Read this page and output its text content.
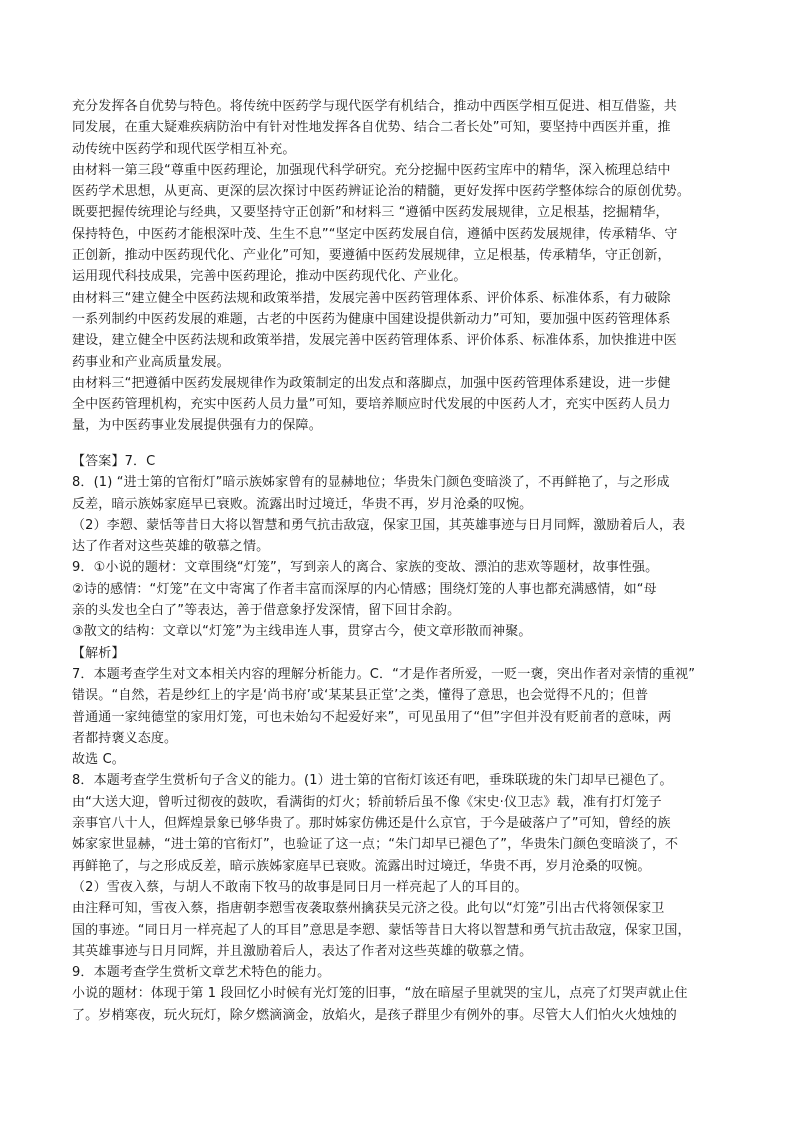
充分发挥各自优势与特色。将传统中医药学与现代医学有机结合，推动中西医学相互促进、相互借鉴，共
同发展，在重大疑难疾病防治中有针对性地发挥各自优势、结合二者长处”可知，要坚持中西医并重，推
动传统中医药学和现代医学相互补充。
由材料一第三段“尊重中医药理论，加强现代科学研究。充分挖掘中医药宝库中的精华，深入梳理总结中
医药学术思想，从更高、更深的层次探讨中医药辨证论治的精髓，更好发挥中医药学整体综合的原创优势。
既要把握传统理论与经典，又要坚持守正创新”和材料三 “遵循中医药发展规律，立足根基，挖掘精华，
保持特色，中医药才能根深叶茂、生生不息”“坚定中医药发展自信，遵循中医药发展规律，传承精华、守
正创新，推动中医药现代化、产业化”可知，要遵循中医药发展规律，立足根基，传承精华，守正创新，
运用现代科技成果，完善中医药理论，推动中医药现代化、产业化。
由材料三“建立健全中医药法规和政策举措，发展完善中医药管理体系、评价体系、标准体系，有力破除
一系列制约中医药发展的难题，古老的中医药为健康中国建设提供新动力”可知，要加强中医药管理体系
建设，建立健全中医药法规和政策举措，发展完善中医药管理体系、评价体系、标准体系，加快推进中医
药事业和产业高质量发展。
由材料三“把遵循中医药发展规律作为政策制定的出发点和落脚点，加强中医药管理体系建设，进一步健
全中医药管理机构，充实中医药人员力量”可知，要培养顺应时代发展的中医药人才，充实中医药人员力
量，为中医药事业发展提供强有力的保障。
【答案】7．C
8．(1) “进士第的官衔灯”暗示族姊家曾有的显赫地位；华贵朱门颜色变暗淡了，不再鲜艳了，与之形成
反差，暗示族姊家庭早已衰败。流露出时过境迁，华贵不再，岁月沧桑的叹惋。
（2）李愬、蒙恬等昔日大将以智慧和勇气抗击敌寇，保家卫国，其英雄事迹与日月同辉，激励着后人，表
达了作者对这些英雄的敬慕之情。
9．①小说的题材：文章围绕“灯笼”，写到亲人的离合、家族的变故、漂泊的悲欢等题材，故事性强。
②诗的感情：“灯笼”在文中寄寓了作者丰富而深厚的内心情感；围绕灯笼的人事也都充满感情，如“母
亲的头发也全白了”等表达，善于借意象抒发深情，留下回甘余韵。
③散文的结构：文章以“灯笼”为主线串连人事，贯穿古今，使文章形散而神聚。
【解析】
7．本题考查学生对文本相关内容的理解分析能力。C．“才是作者所爱，一贬一褒，突出作者对亲情的重视”
错误。“自然，若是纱红上的字是‘尚书府’或‘某某县正堂’之类，懂得了意思，也会觉得不凡的；但普
普通通一家纯德堂的家用灯笼，可也未始勾不起爱好来”，可见虽用了“但”字但并没有贬前者的意味，两
者都持褒义态度。
故选 C。
8．本题考查学生赏析句子含义的能力。(1）进士第的官衔灯该还有吧，垂珠联珑的朱门却早已褪色了。
由“大送大迎，曾听过彻夜的鼓吹，看满街的灯火；轿前轿后虽不像《宋史·仪卫志》载，准有打灯笼子
亲事官八十人，但辉煌景象已够华贵了。那时姊家仿佛还是什么京官，于今是破落户了”可知，曾经的族
姊家家世显赫，“进士第的官衔灯”，也验证了这一点；“朱门却早已褪色了”，华贵朱门颜色变暗淡了，不
再鲜艳了，与之形成反差，暗示族姊家庭早已衰败。流露出时过境迁，华贵不再，岁月沧桑的叹惋。
（2）雪夜入蔡，与胡人不敢南下牧马的故事是同日月一样亮起了人的耳目的。
由注释可知，雪夜入蔡，指唐朝李愬雪夜袭取蔡州擒获吴元济之役。此句以“灯笼”引出古代将领保家卫
国的事迹。“同日月一样亮起了人的耳目”意思是李愬、蒙恬等昔日大将以智慧和勇气抗击敌寇，保家卫国，
其英雄事迹与日月同辉，并且激励着后人，表达了作者对这些英雄的敬慕之情。
9．本题考查学生赏析文章艺术特色的能力。
小说的题材：体现于第 1 段回忆小时候有光灯笼的旧事，“放在暗屋子里就哭的宝儿，点亮了灯哭声就止住
了。岁梢寒夜，玩火玩灯，除夕燃滴滴金，放焰火，是孩子群里少有例外的事。尽管大人们怕火火烛烛的
